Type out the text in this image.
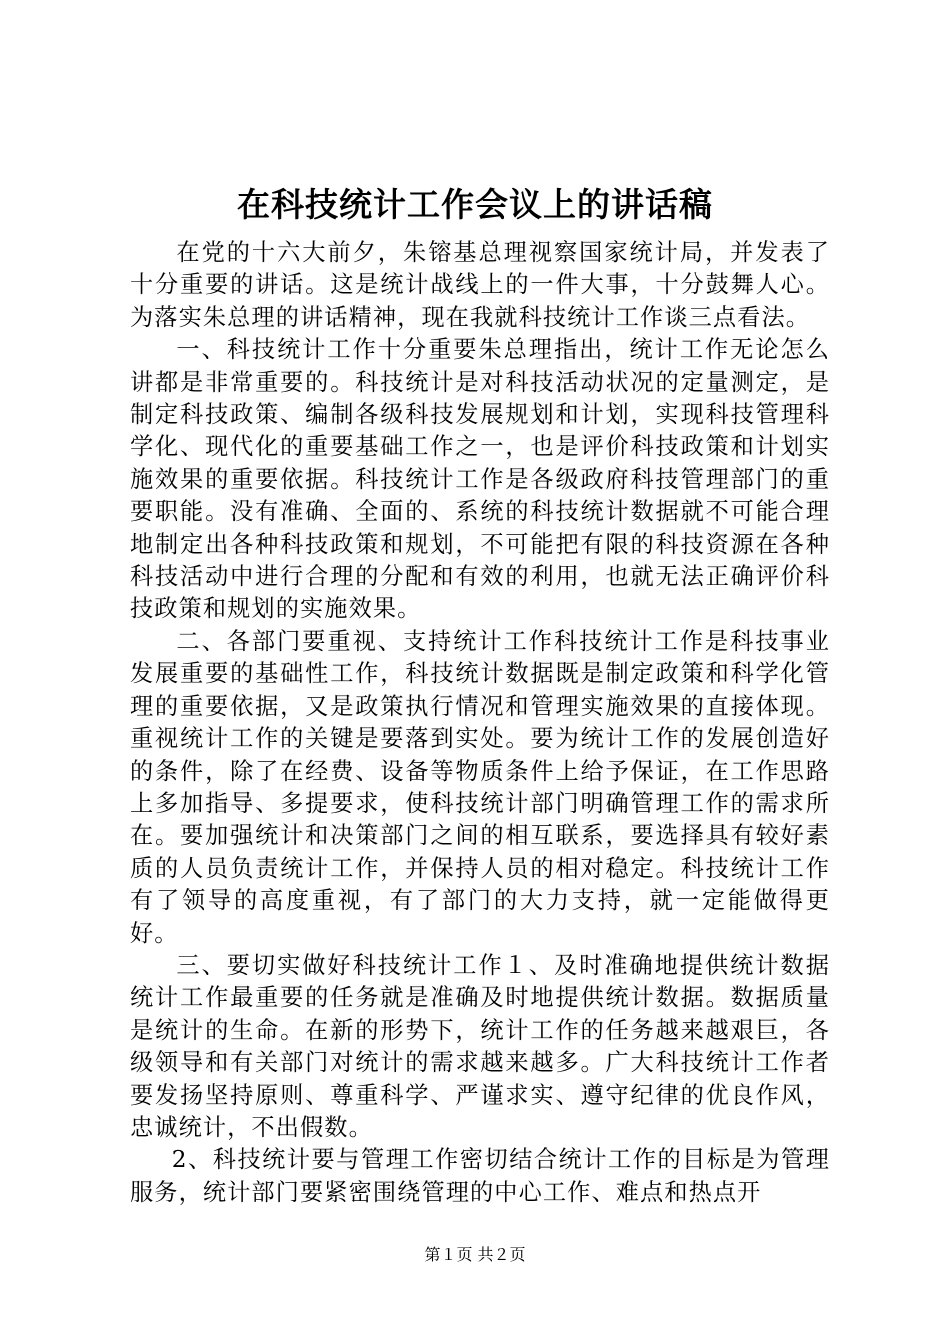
在科技统计工作会议上的讲话稿

在党的十六大前夕，朱镕基总理视察国家统计局，并发表了十分重要的讲话。这是统计战线上的一件大事，十分鼓舞人心。为落实朱总理的讲话精神，现在我就科技统计工作谈三点看法。

一、科技统计工作十分重要朱总理指出，统计工作无论怎么讲都是非常重要的。科技统计是对科技活动状况的定量测定，是制定科技政策、编制各级科技发展规划和计划，实现科技管理科学化、现代化的重要基础工作之一，也是评价科技政策和计划实施效果的重要依据。科技统计工作是各级政府科技管理部门的重要职能。没有准确、全面的、系统的科技统计数据就不可能合理地制定出各种科技政策和规划，不可能把有限的科技资源在各种科技活动中进行合理的分配和有效的利用，也就无法正确评价科技政策和规划的实施效果。

二、各部门要重视、支持统计工作科技统计工作是科技事业发展重要的基础性工作，科技统计数据既是制定政策和科学化管理的重要依据，又是政策执行情况和管理实施效果的直接体现。重视统计工作的关键是要落到实处。要为统计工作的发展创造好的条件，除了在经费、设备等物质条件上给予保证，在工作思路上多加指导、多提要求，使科技统计部门明确管理工作的需求所在。要加强统计和决策部门之间的相互联系，要选择具有较好素质的人员负责统计工作，并保持人员的相对稳定。科技统计工作有了领导的高度重视，有了部门的大力支持，就一定能做得更好。

三、要切实做好科技统计工作１、及时准确地提供统计数据统计工作最重要的任务就是准确及时地提供统计数据。数据质量是统计的生命。在新的形势下，统计工作的任务越来越艰巨，各级领导和有关部门对统计的需求越来越多。广大科技统计工作者要发扬坚持原则、尊重科学、严谨求实、遵守纪律的优良作风，忠诚统计，不出假数。

2、科技统计要与管理工作密切结合统计工作的目标是为管理服务，统计部门要紧密围绕管理的中心工作、难点和热点开

第１页 共２页
